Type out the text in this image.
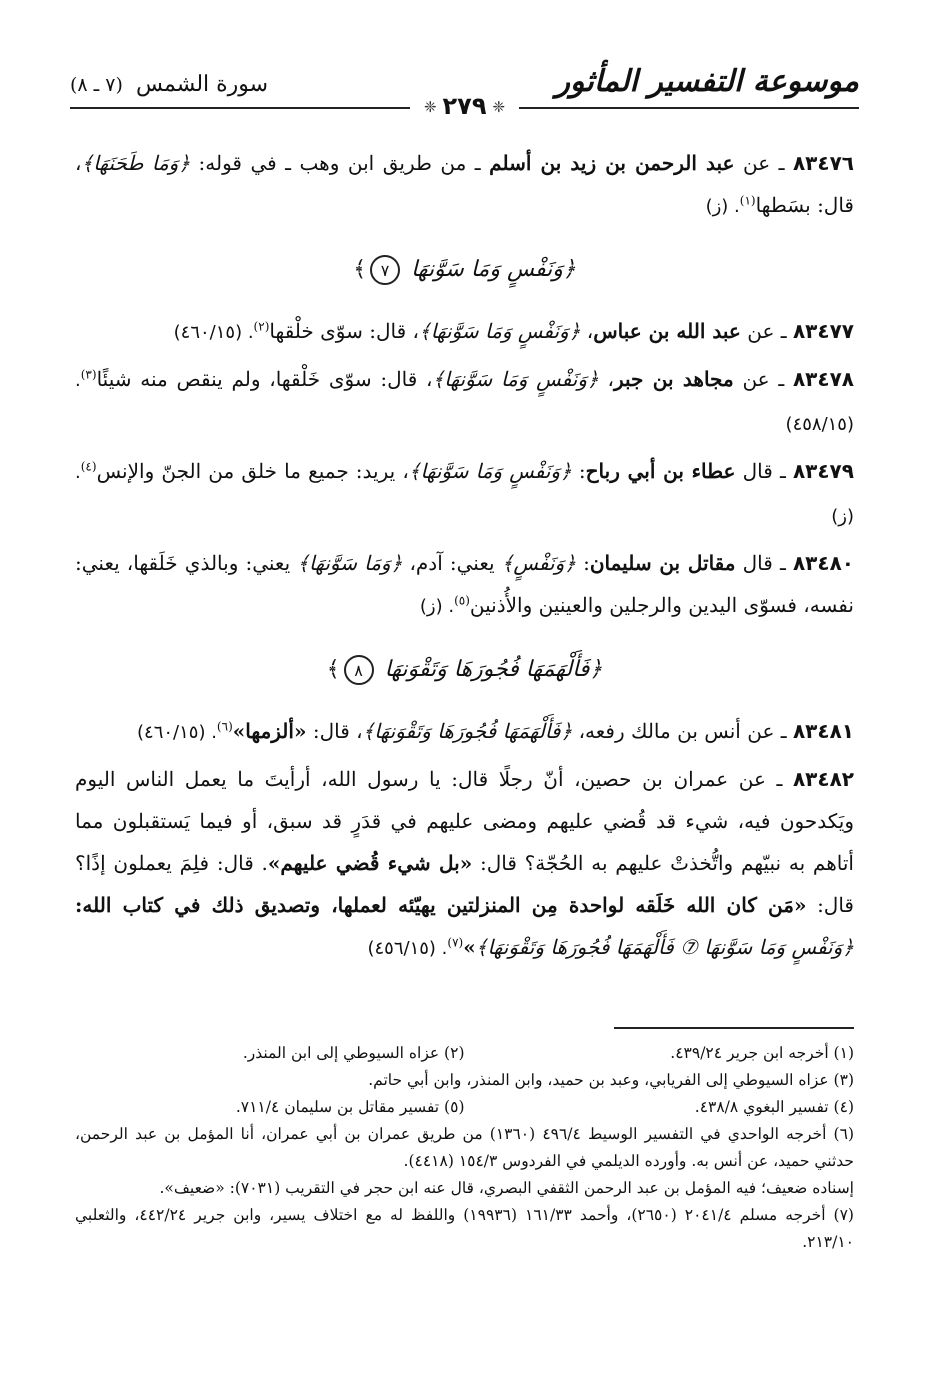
موسوعة التفسير المأثور
سورة الشمس (٧ ـ ٨)
❈٢٧٩❈

٨٣٤٧٦ ـ عن عبد الرحمن بن زيد بن أسلم ـ من طريق ابن وهب ـ في قوله: ﴿وَمَا طَحَنَهَا﴾، قال: بسَطها$^{(١)}$. (ز)

﴿وَنَفْسٍ وَمَا سَوَّنهَا ٧﴾

٨٣٤٧٧ ـ عن عبد الله بن عباس، ﴿وَنَفْسٍ وَمَا سَوَّنهَا﴾، قال: سوّى خلْقها$^{(٢)}$. (٤٦٠/١٥)

٨٣٤٧٨ ـ عن مجاهد بن جبر، ﴿وَنَفْسٍ وَمَا سَوَّنهَا﴾، قال: سوّى خَلْقها، ولم ينقص منه شيئًا$^{(٣)}$. (٤٥٨/١٥)

٨٣٤٧٩ ـ قال عطاء بن أبي رباح: ﴿وَنَفْسٍ وَمَا سَوَّنهَا﴾، يريد: جميع ما خلق من الجنّ والإنس$^{(٤)}$. (ز)

٨٣٤٨٠ ـ قال مقاتل بن سليمان: ﴿وَنَفْسٍ﴾ يعني: آدم، ﴿وَمَا سَوَّنهَا﴾ يعني: وبالذي خَلَقها، يعني: نفسه، فسوّى اليدين والرجلين والعينين والأُذنين$^{(٥)}$. (ز)

﴿فَأَلْهَمَهَا فُجُورَهَا وَتَقْوَنهَا ٨﴾

٨٣٤٨١ ـ عن أنس بن مالك رفعه، ﴿فَأَلْهَمَهَا فُجُورَهَا وَتَقْوَنهَا﴾، قال: «ألزمها»$^{(٦)}$. (٤٦٠/١٥)

٨٣٤٨٢ ـ عن عمران بن حصين، أنّ رجلًا قال: يا رسول الله، أرأيتَ ما يعمل الناس اليوم ويَكدحون فيه، شيء قد قُضي عليهم ومضى عليهم في قدَرٍ قد سبق، أو فيما يَستقبلون مما أتاهم به نبيّهم واتُّخذتْ عليهم به الحُجّة؟ قال: «بل شيء قُضي عليهم». قال: فلِمَ يعملون إذًا؟ قال: «مَن كان الله خَلَقه لواحدة مِن المنزلتين يهيّئه لعملها، وتصديق ذلك في كتاب الله: ﴿وَنَفْسٍ وَمَا سَوَّنهَا ⑦ فَأَلْهَمَهَا فُجُورَهَا وَتَقْوَنهَا﴾»$^{(٧)}$. (٤٥٦/١٥)

(١) أخرجه ابن جرير ٤٣٩/٢٤.
(٢) عزاه السيوطي إلى ابن المنذر.
(٣) عزاه السيوطي إلى الفريابي، وعبد بن حميد، وابن المنذر، وابن أبي حاتم.
(٤) تفسير البغوي ٤٣٨/٨.
(٥) تفسير مقاتل بن سليمان ٧١١/٤.
(٦) أخرجه الواحدي في التفسير الوسيط ٤٩٦/٤ (١٣٦٠) من طريق عمران بن أبي عمران، أنا المؤمل بن عبد الرحمن، حدثني حميد، عن أنس به. وأورده الديلمي في الفردوس ١٥٤/٣ (٤٤١٨).
إسناده ضعيف؛ فيه المؤمل بن عبد الرحمن الثقفي البصري، قال عنه ابن حجر في التقريب (٧٠٣١): «ضعيف».
(٧) أخرجه مسلم ٢٠٤١/٤ (٢٦٥٠)، وأحمد ١٦١/٣٣ (١٩٩٣٦) واللفظ له مع اختلاف يسير، وابن جرير ٤٤٢/٢٤، والثعلبي ٢١٣/١٠.
